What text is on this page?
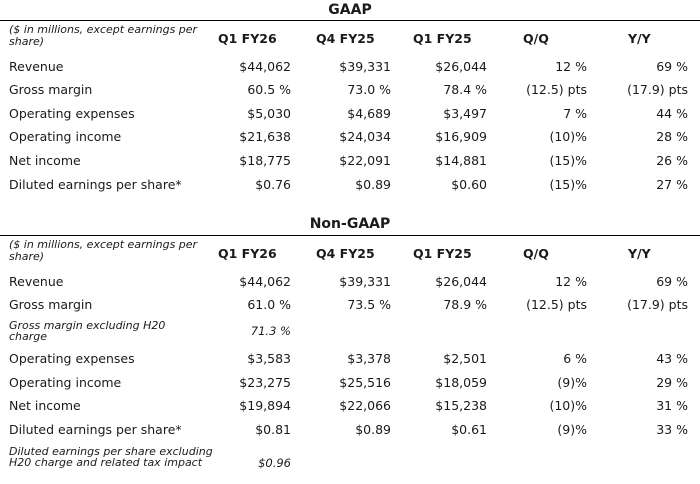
GAAP
($ in millions, except earnings per share)	Q1 FY26	Q4 FY25	Q1 FY25	Q/Q	Y/Y
Revenue	$44,062	$39,331	$26,044	12 %	69 %
Gross margin	60.5 %	73.0 %	78.4 %	(12.5) pts	(17.9) pts
Operating expenses	$5,030	$4,689	$3,497	7 %	44 %
Operating income	$21,638	$24,034	$16,909	(10)%	28 %
Net income	$18,775	$22,091	$14,881	(15)%	26 %
Diluted earnings per share*	$0.76	$0.89	$0.60	(15)%	27 %
Non-GAAP
($ in millions, except earnings per share)	Q1 FY26	Q4 FY25	Q1 FY25	Q/Q	Y/Y
Revenue	$44,062	$39,331	$26,044	12 %	69 %
Gross margin	61.0 %	73.5 %	78.9 %	(12.5) pts	(17.9) pts
Gross margin excluding H20 charge	71.3 %
Operating expenses	$3,583	$3,378	$2,501	6 %	43 %
Operating income	$23,275	$25,516	$18,059	(9)%	29 %
Net income	$19,894	$22,066	$15,238	(10)%	31 %
Diluted earnings per share*	$0.81	$0.89	$0.61	(9)%	33 %
Diluted earnings per share excluding H20 charge and related tax impact	$0.96
